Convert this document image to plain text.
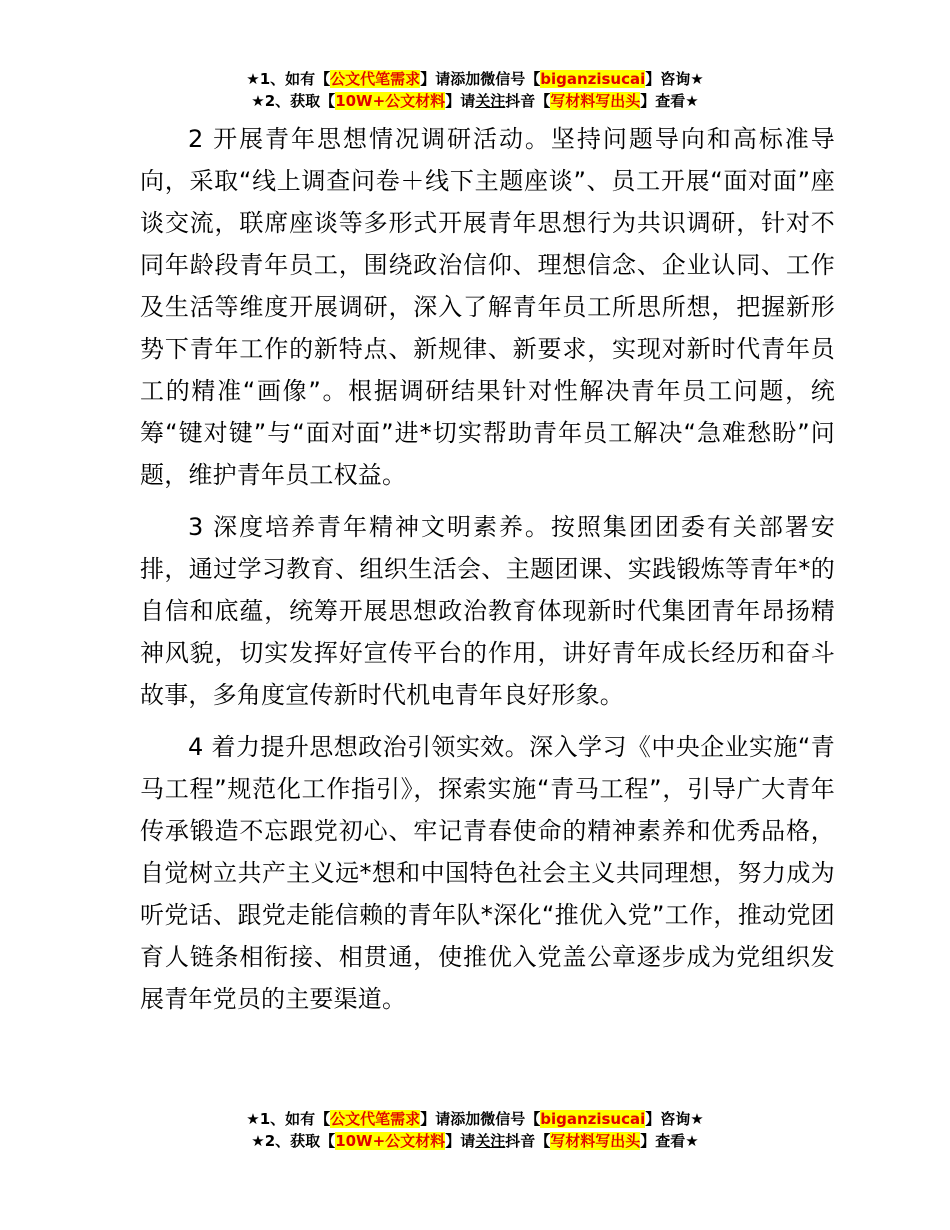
★1、如有【公文代笔需求】请添加微信号【biganzisucai】咨询★
★2、获取【10W+公文材料】请关注抖音【写材料写出头】查看★

2 开展青年思想情况调研活动。坚持问题导向和高标准导向，采取“线上调查问卷＋线下主题座谈”、员工开展“面对面”座谈交流，联席座谈等多形式开展青年思想行为共识调研，针对不同年龄段青年员工，围绕政治信仰、理想信念、企业认同、工作及生活等维度开展调研，深入了解青年员工所思所想，把握新形势下青年工作的新特点、新规律、新要求，实现对新时代青年员工的精准“画像”。根据调研结果针对性解决青年员工问题，统筹“键对键”与“面对面”进*切实帮助青年员工解决“急难愁盼”问题，维护青年员工权益。

3 深度培养青年精神文明素养。按照集团团委有关部署安排，通过学习教育、组织生活会、主题团课、实践锻炼等青年*的自信和底蕴，统筹开展思想政治教育体现新时代集团青年昂扬精神风貌，切实发挥好宣传平台的作用，讲好青年成长经历和奋斗故事，多角度宣传新时代机电青年良好形象。

4 着力提升思想政治引领实效。深入学习《中央企业实施“青马工程”规范化工作指引》，探索实施“青马工程”，引导广大青年传承锻造不忘跟党初心、牢记青春使命的精神素养和优秀品格，自觉树立共产主义远*想和中国特色社会主义共同理想，努力成为听党话、跟党走能信赖的青年队*深化“推优入党”工作，推动党团育人链条相衔接、相贯通，使推优入党盖公章逐步成为党组织发展青年党员的主要渠道。

★1、如有【公文代笔需求】请添加微信号【biganzisucai】咨询★
★2、获取【10W+公文材料】请关注抖音【写材料写出头】查看★
